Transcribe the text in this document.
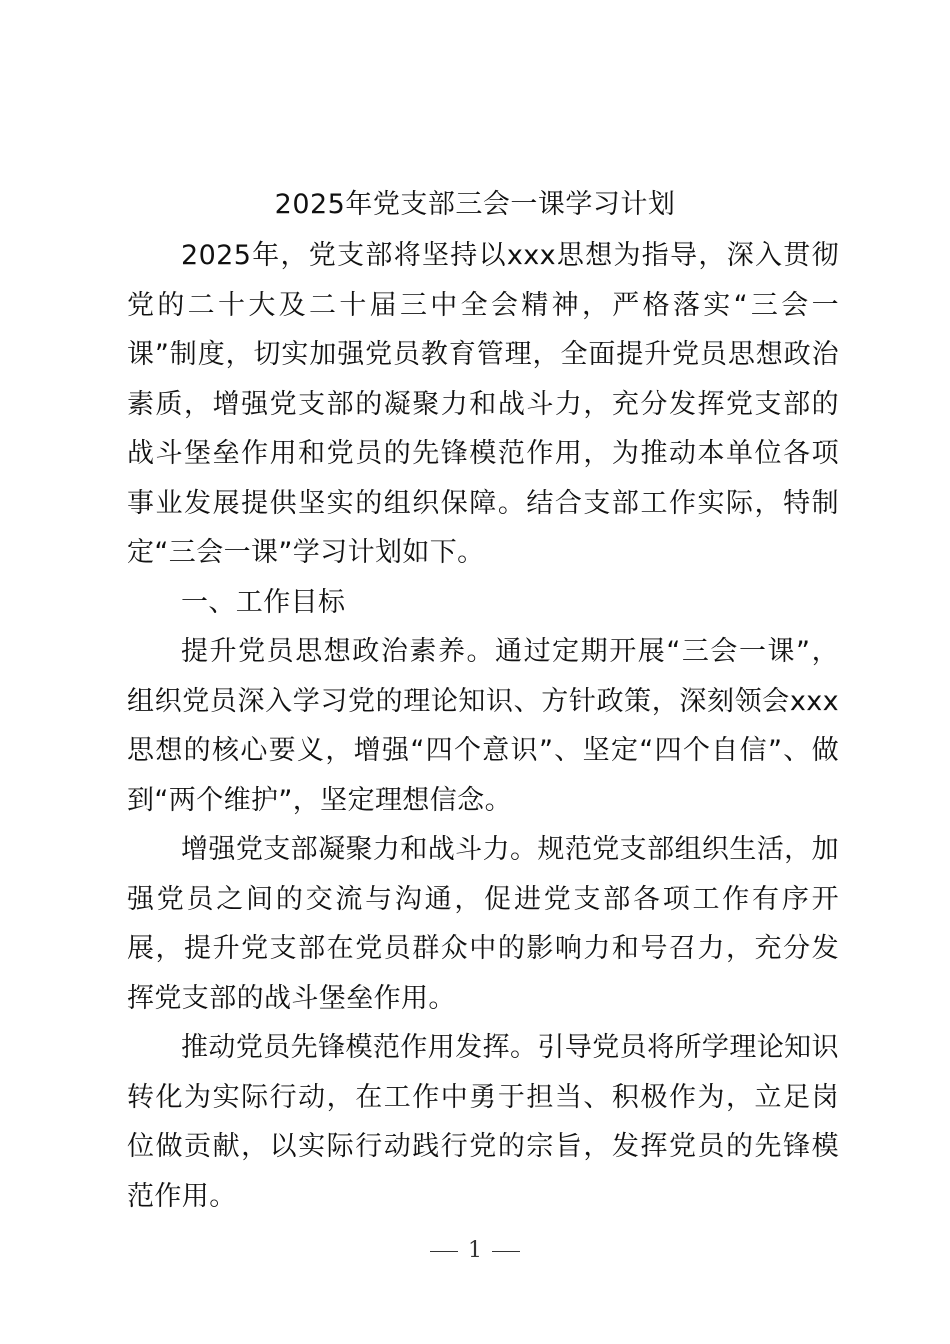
2025年党支部三会一课学习计划

2025年，党支部将坚持以xxx思想为指导，深入贯彻党的二十大及二十届三中全会精神，严格落实“三会一课”制度，切实加强党员教育管理，全面提升党员思想政治素质，增强党支部的凝聚力和战斗力，充分发挥党支部的战斗堡垒作用和党员的先锋模范作用，为推动本单位各项事业发展提供坚实的组织保障。结合支部工作实际，特制定“三会一课”学习计划如下。

一、工作目标

提升党员思想政治素养。通过定期开展“三会一课”，组织党员深入学习党的理论知识、方针政策，深刻领会xxx思想的核心要义，增强“四个意识”、坚定“四个自信”、做到“两个维护”，坚定理想信念。

增强党支部凝聚力和战斗力。规范党支部组织生活，加强党员之间的交流与沟通，促进党支部各项工作有序开展，提升党支部在党员群众中的影响力和号召力，充分发挥党支部的战斗堡垒作用。

推动党员先锋模范作用发挥。引导党员将所学理论知识转化为实际行动，在工作中勇于担当、积极作为，立足岗位做贡献，以实际行动践行党的宗旨，发挥党员的先锋模范作用。

1
